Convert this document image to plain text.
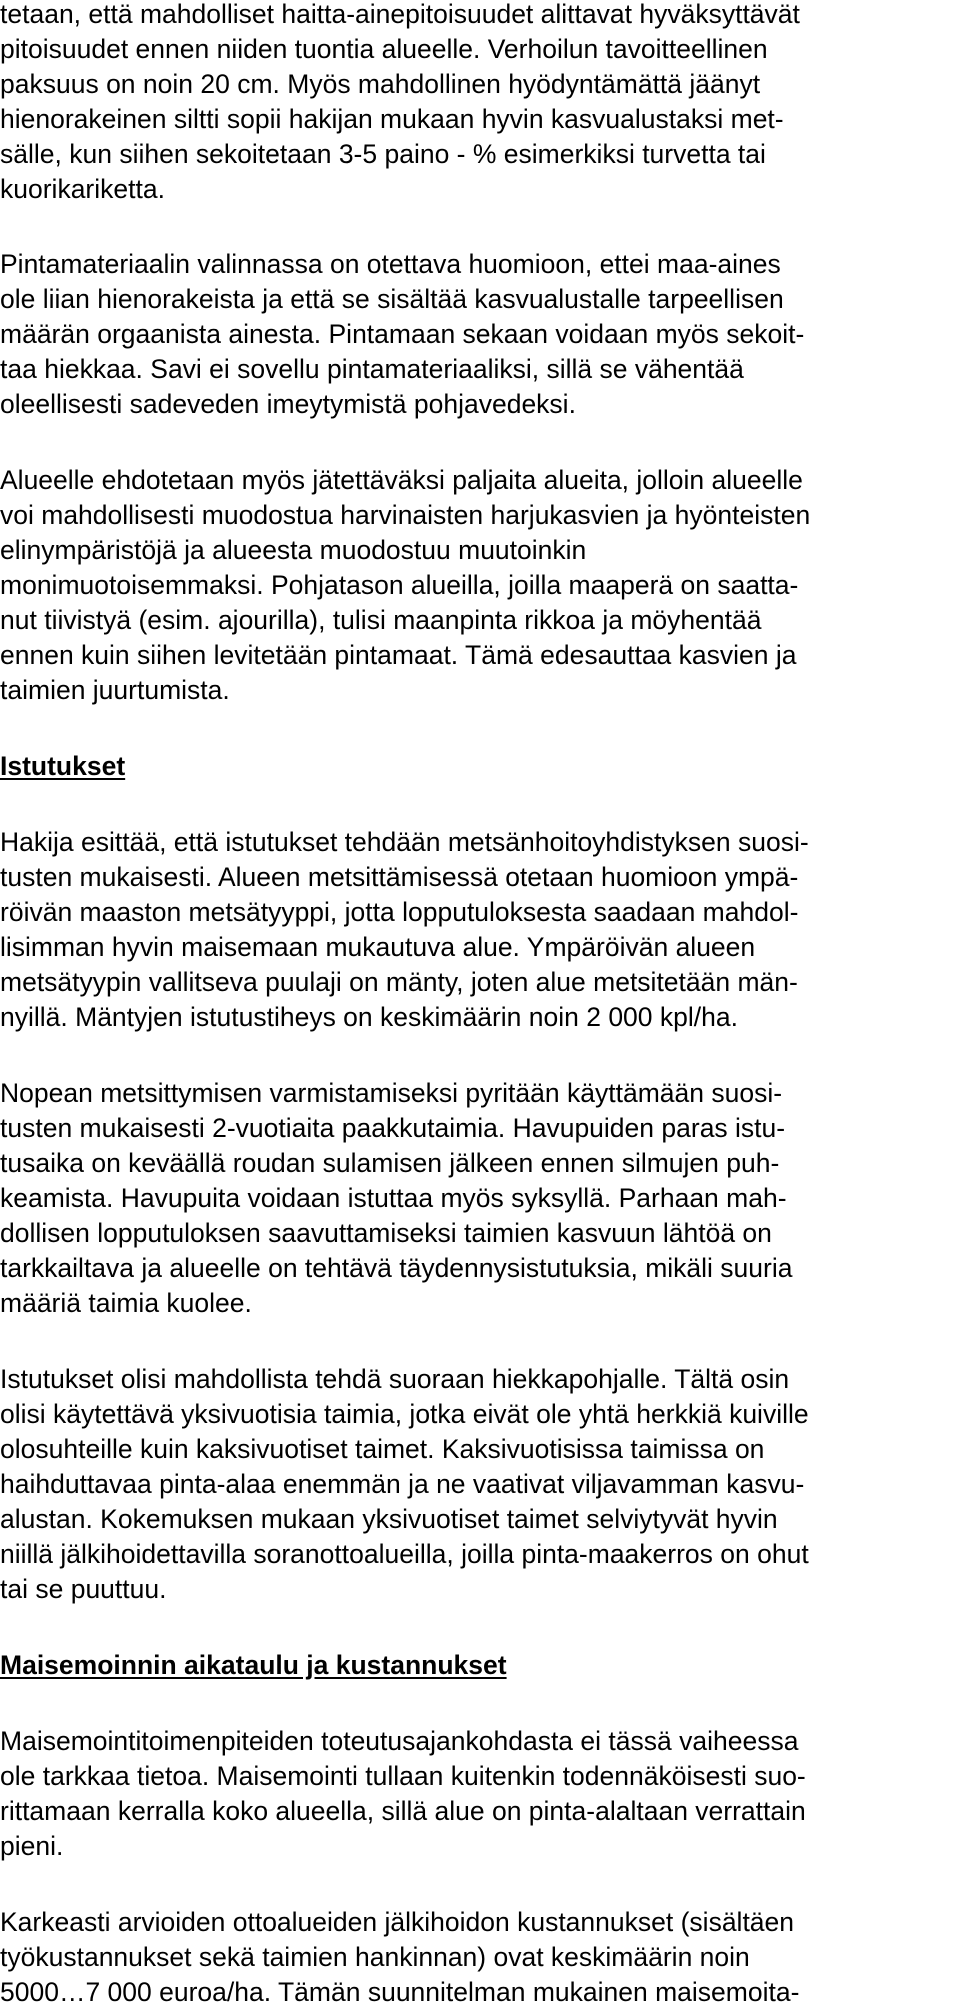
tetaan, että mahdolliset haitta-ainepitoisuudet alittavat hyväksyttävät
pitoisuudet ennen niiden tuontia alueelle. Verhoilun tavoitteellinen
paksuus on noin 20 cm. Myös mahdollinen hyödyntämättä jäänyt
hienorakeinen siltti sopii hakijan mukaan hyvin kasvualustaksi met-
sälle, kun siihen sekoitetaan 3-5 paino - % esimerkiksi turvetta tai
kuorikariketta.
Pintamateriaalin valinnassa on otettava huomioon, ettei maa-aines
ole liian hienorakeista ja että se sisältää kasvualustalle tarpeellisen
määrän orgaanista ainesta. Pintamaan sekaan voidaan myös sekoit-
taa hiekkaa. Savi ei sovellu pintamateriaaliksi, sillä se vähentää
oleellisesti sadeveden imeytymistä pohjavedeksi.
Alueelle ehdotetaan myös jätettäväksi paljaita alueita, jolloin alueelle
voi mahdollisesti muodostua harvinaisten harjukasvien ja hyönteisten
elinympäristöjä ja alueesta muodostuu muutoinkin
monimuotoisemmaksi. Pohjatason alueilla, joilla maaperä on saatta-
nut tiivistyä (esim. ajourilla), tulisi maanpinta rikkoa ja möyhentää
ennen kuin siihen levitetään pintamaat. Tämä edesauttaa kasvien ja
taimien juurtumista.
Istutukset
Hakija esittää, että istutukset tehdään metsänhoitoyhdistyksen suosi-
tusten mukaisesti. Alueen metsittämisessä otetaan huomioon ympä-
röivän maaston metsätyyppi, jotta lopputuloksesta saadaan mahdol-
lisimman hyvin maisemaan mukautuva alue. Ympäröivän alueen
metsätyypin vallitseva puulaji on mänty, joten alue metsitetään män-
nyillä. Mäntyjen istutustiheys on keskimäärin noin 2 000 kpl/ha.
Nopean metsittymisen varmistamiseksi pyritään käyttämään suosi-
tusten mukaisesti 2-vuotiaita paakkutaimia. Havupuiden paras istu-
tusaika on keväällä roudan sulamisen jälkeen ennen silmujen puh-
keamista. Havupuita voidaan istuttaa myös syksyllä. Parhaan mah-
dollisen lopputuloksen saavuttamiseksi taimien kasvuun lähtöä on
tarkkailtava ja alueelle on tehtävä täydennysistutuksia, mikäli suuria
määriä taimia kuolee.
Istutukset olisi mahdollista tehdä suoraan hiekkapohjalle. Tältä osin
olisi käytettävä yksivuotisia taimia, jotka eivät ole yhtä herkkiä kuiville
olosuhteille kuin kaksivuotiset taimet. Kaksivuotisissa taimissa on
haihduttavaa pinta-alaa enemmän ja ne vaativat viljavamman kasvu-
alustan. Kokemuksen mukaan yksivuotiset taimet selviytyvät hyvin
niillä jälkihoidettavilla soranottoalueilla, joilla pinta-maakerros on ohut
tai se puuttuu.
Maisemoinnin aikataulu ja kustannukset
Maisemointitoimenpiteiden toteutusajankohdasta ei tässä vaiheessa
ole tarkkaa tietoa. Maisemointi tullaan kuitenkin todennäköisesti suo-
rittamaan kerralla koko alueella, sillä alue on pinta-alaltaan verrattain
pieni.
Karkeasti arvioiden ottoalueiden jälkihoidon kustannukset (sisältäen
työkustannukset sekä taimien hankinnan) ovat keskimäärin noin
5000…7 000 euroa/ha. Tämän suunnitelman mukainen maisemoita-
